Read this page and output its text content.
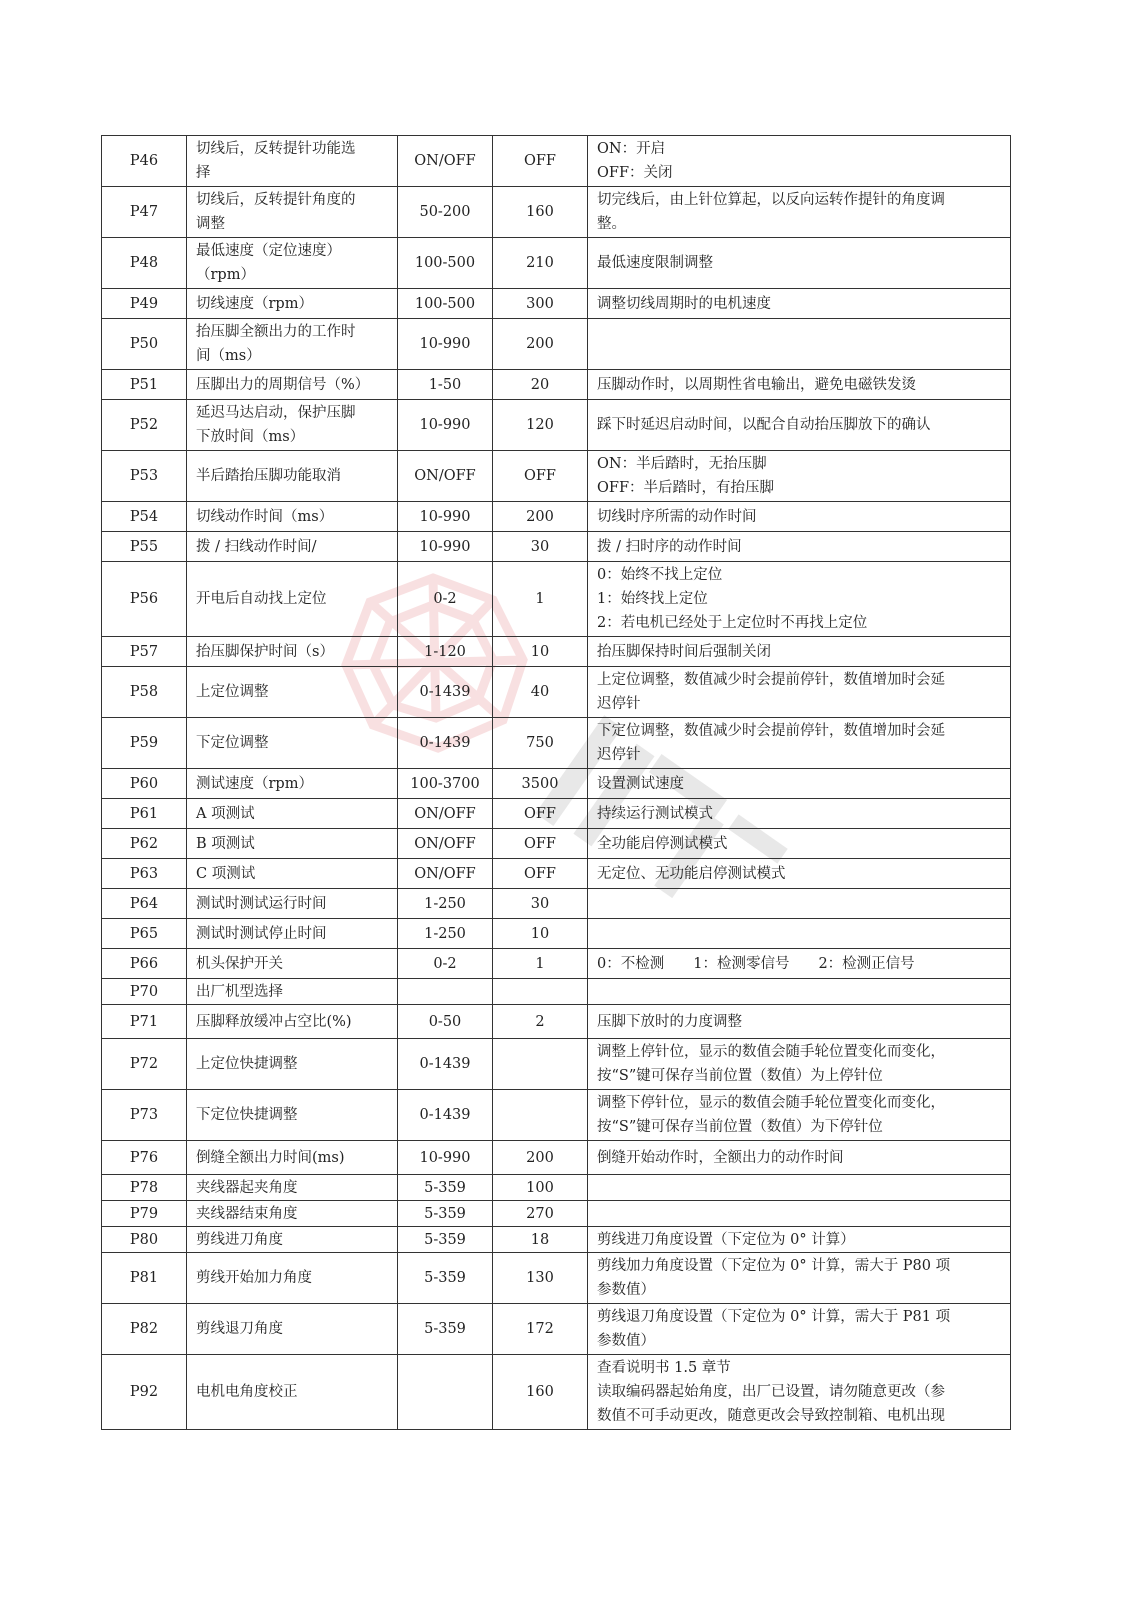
P46	切线后，反转提针功能选
择	ON/OFF	OFF	ON：开启
OFF：关闭

P47	切线后，反转提针角度的
调整	50-200	160	切完线后，由上针位算起，以反向运转作提针的角度调
整。

P48	最低速度（定位速度）
（rpm）	100-500	210	最低速度限制调整

P49	切线速度（rpm）	100-500	300	调整切线周期时的电机速度

P50	抬压脚全额出力的工作时
间（ms）	10-990	200	
P51	压脚出力的周期信号（%）	1-50	20	压脚动作时，以周期性省电输出，避免电磁铁发烫

P52	延迟马达启动，保护压脚
下放时间（ms）	10-990	120	踩下时延迟启动时间，以配合自动抬压脚放下的确认

P53	半后踏抬压脚功能取消	ON/OFF	OFF	ON：半后踏时，无抬压脚
OFF：半后踏时，有抬压脚

P54	切线动作时间（ms）	10-990	200	切线时序所需的动作时间

P55	拨 / 扫线动作时间/	10-990	30	拨 / 扫时序的动作时间

P56	开电后自动找上定位	0-2	1	0：始终不找上定位
1：始终找上定位
2：若电机已经处于上定位时不再找上定位

P57	抬压脚保护时间（s）	1-120	10	抬压脚保持时间后强制关闭

P58	上定位调整	0-1439	40	上定位调整，数值减少时会提前停针，数值增加时会延
迟停针

P59	下定位调整	0-1439	750	下定位调整，数值减少时会提前停针，数值增加时会延
迟停针

P60	测试速度（rpm）	100-3700	3500	设置测试速度

P61	A 项测试	ON/OFF	OFF	持续运行测试模式

P62	B 项测试	ON/OFF	OFF	全功能启停测试模式

P63	C 项测试	ON/OFF	OFF	无定位、无功能启停测试模式

P64	测试时测试运行时间	1-250	30	
P65	测试时测试停止时间	1-250	10	
P66	机头保护开关	0-2	1	0：不检测　　1：检测零信号　　2：检测正信号

P70	出厂机型选择			

P71	压脚释放缓冲占空比(%)	0-50	2	压脚下放时的力度调整

P72	上定位快捷调整	0-1439		调整上停针位，显示的数值会随手轮位置变化而变化，
按“S”键可保存当前位置（数值）为上停针位

P73	下定位快捷调整	0-1439		调整下停针位，显示的数值会随手轮位置变化而变化，
按“S”键可保存当前位置（数值）为下停针位

P76	倒缝全额出力时间(ms)	10-990	200	倒缝开始动作时，全额出力的动作时间

P78	夹线器起夹角度	5-359	100	
P79	夹线器结束角度	5-359	270	
P80	剪线进刀角度	5-359	18	剪线进刀角度设置（下定位为 0° 计算）

P81	剪线开始加力角度	5-359	130	剪线加力角度设置（下定位为 0° 计算，需大于 P80 项
参数值）

P82	剪线退刀角度	5-359	172	剪线退刀角度设置（下定位为 0° 计算，需大于 P81 项
参数值）

P92	电机电角度校正		160	查看说明书 1.5 章节
读取编码器起始角度，出厂已设置，请勿随意更改（参
数值不可手动更改，随意更改会导致控制箱、电机出现
